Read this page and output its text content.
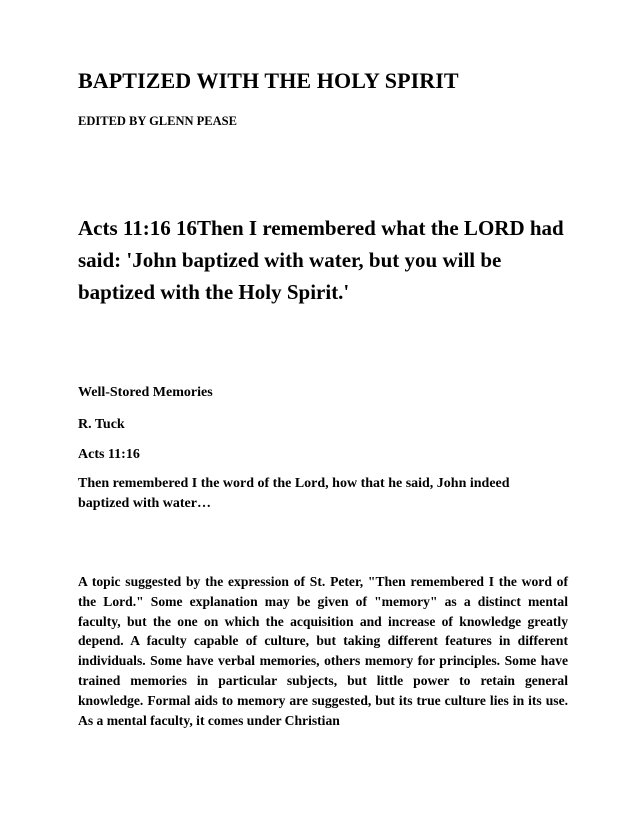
BAPTIZED WITH THE HOLY SPIRIT
EDITED BY GLENN PEASE
Acts 11:16 16Then I remembered what the LORD had said: 'John baptized with water, but you will be baptized with the Holy Spirit.'
Well-Stored Memories
R. Tuck
Acts 11:16
Then remembered I the word of the Lord, how that he said, John indeed baptized with water…
A topic suggested by the expression of St. Peter, "Then remembered I the word of the Lord." Some explanation may be given of "memory" as a distinct mental faculty, but the one on which the acquisition and increase of knowledge greatly depend. A faculty capable of culture, but taking different features in different individuals. Some have verbal memories, others memory for principles. Some have trained memories in particular subjects, but little power to retain general knowledge. Formal aids to memory are suggested, but its true culture lies in its use. As a mental faculty, it comes under Christian
